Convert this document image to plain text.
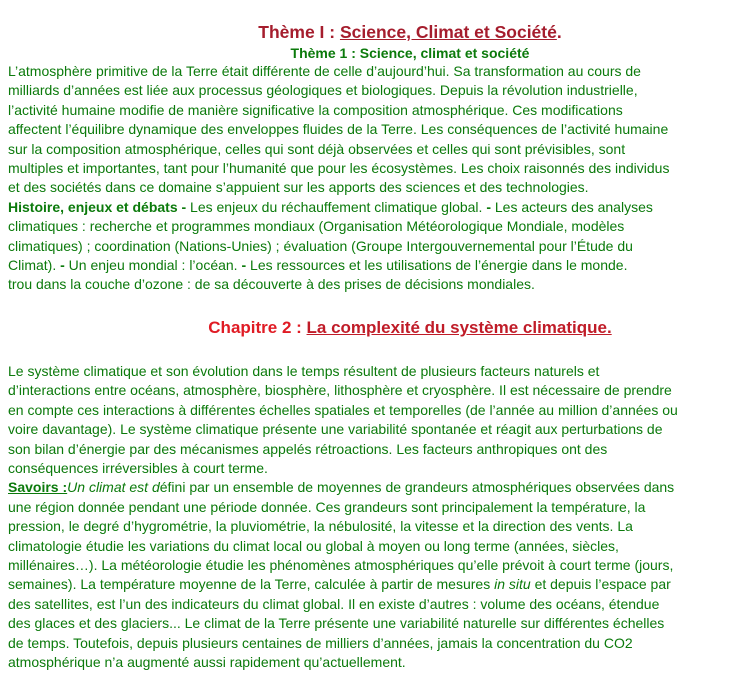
Thème I : Science, Climat et Société.
Thème 1 : Science, climat et société
L’atmosphère primitive de la Terre était différente de celle d’aujourd’hui. Sa transformation au cours de
milliards d’années est liée aux processus géologiques et biologiques. Depuis la révolution industrielle,
l’activité humaine modifie de manière significative la composition atmosphérique. Ces modifications
affectent l’équilibre dynamique des enveloppes fluides de la Terre. Les conséquences de l’activité humaine
sur la composition atmosphérique, celles qui sont déjà observées et celles qui sont prévisibles, sont
multiples et importantes, tant pour l’humanité que pour les écosystèmes. Les choix raisonnés des individus
et des sociétés dans ce domaine s’appuient sur les apports des sciences et des technologies.
Histoire, enjeux et débats - Les enjeux du réchauffement climatique global. - Les acteurs des analyses
climatiques : recherche et programmes mondiaux (Organisation Météorologique Mondiale, modèles
climatiques) ; coordination (Nations-Unies) ; évaluation (Groupe Intergouvernemental pour l’Étude du
Climat). - Un enjeu mondial : l’océan. - Les ressources et les utilisations de l’énergie dans le monde.
trou dans la couche d’ozone : de sa découverte à des prises de décisions mondiales.
Chapitre 2 : La complexité du système climatique.
Le système climatique et son évolution dans le temps résultent de plusieurs facteurs naturels et
d’interactions entre océans, atmosphère, biosphère, lithosphère et cryosphère. Il est nécessaire de prendre
en compte ces interactions à différentes échelles spatiales et temporelles (de l’année au million d’années ou
voire davantage). Le système climatique présente une variabilité spontanée et réagit aux perturbations de
son bilan d’énergie par des mécanismes appelés rétroactions. Les facteurs anthropiques ont des
conséquences irréversibles à court terme.
Savoirs :Un climat est défini par un ensemble de moyennes de grandeurs atmosphériques observées dans
une région donnée pendant une période donnée. Ces grandeurs sont principalement la température, la
pression, le degré d’hygrométrie, la pluviométrie, la nébulosité, la vitesse et la direction des vents. La
climatologie étudie les variations du climat local ou global à moyen ou long terme (années, siècles,
millénaires…). La météorologie étudie les phénomènes atmosphériques qu’elle prévoit à court terme (jours,
semaines). La température moyenne de la Terre, calculée à partir de mesures in situ et depuis l’espace par
des satellites, est l’un des indicateurs du climat global. Il en existe d’autres : volume des océans, étendue
des glaces et des glaciers... Le climat de la Terre présente une variabilité naturelle sur différentes échelles
de temps. Toutefois, depuis plusieurs centaines de milliers d’années, jamais la concentration du CO2
atmosphérique n’a augmenté aussi rapidement qu’actuellement.
